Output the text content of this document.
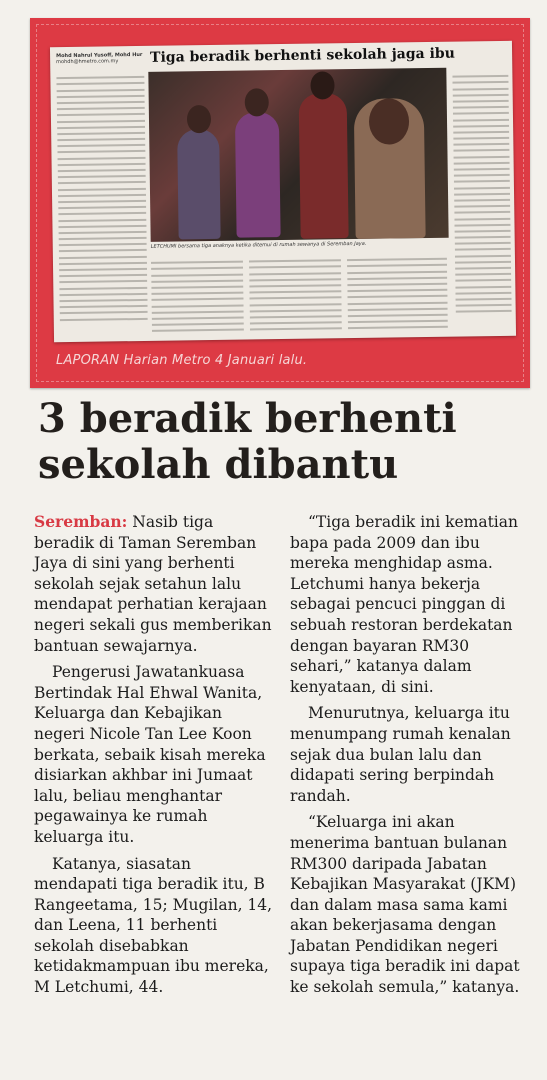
Mohd Nahrul Yusoff, Mohd Hur
mohdh@hmetro.com.my	Tiga beradik berhenti sekolah jaga ibu
LETCHUMI bersama tiga anaknya ketika ditemui di rumah sewanya di Seremban Jaya.
LAPORAN Harian Metro 4 Januari lalu.
3 beradik berhenti
sekolah dibantu

Seremban: Nasib tiga beradik di Taman Seremban Jaya di sini yang berhenti sekolah sejak setahun lalu mendapat perhatian kerajaan negeri sekali gus memberikan bantuan sewajarnya.

Pengerusi Jawatankuasa Bertindak Hal Ehwal Wanita, Keluarga dan Kebajikan negeri Nicole Tan Lee Koon berkata, sebaik kisah mereka disiarkan akhbar ini Jumaat lalu, beliau menghantar pegawainya ke rumah keluarga itu.

Katanya, siasatan mendapati tiga beradik itu, B Rangeetama, 15; Mugilan, 14, dan Leena, 11 berhenti sekolah disebabkan ketidakmampuan ibu mereka, M Letchumi, 44.

“Tiga beradik ini kematian bapa pada 2009 dan ibu mereka menghidap asma. Letchumi hanya bekerja sebagai pencuci pinggan di sebuah restoran berdekatan dengan bayaran RM30 sehari,” katanya dalam kenyataan, di sini.

Menurutnya, keluarga itu menumpang rumah kenalan sejak dua bulan lalu dan didapati sering berpindah randah.

“Keluarga ini akan menerima bantuan bulanan RM300 daripada Jabatan Kebajikan Masyarakat (JKM) dan dalam masa sama kami akan bekerjasama dengan Jabatan Pendidikan negeri supaya tiga beradik ini dapat ke sekolah semula,” katanya.
